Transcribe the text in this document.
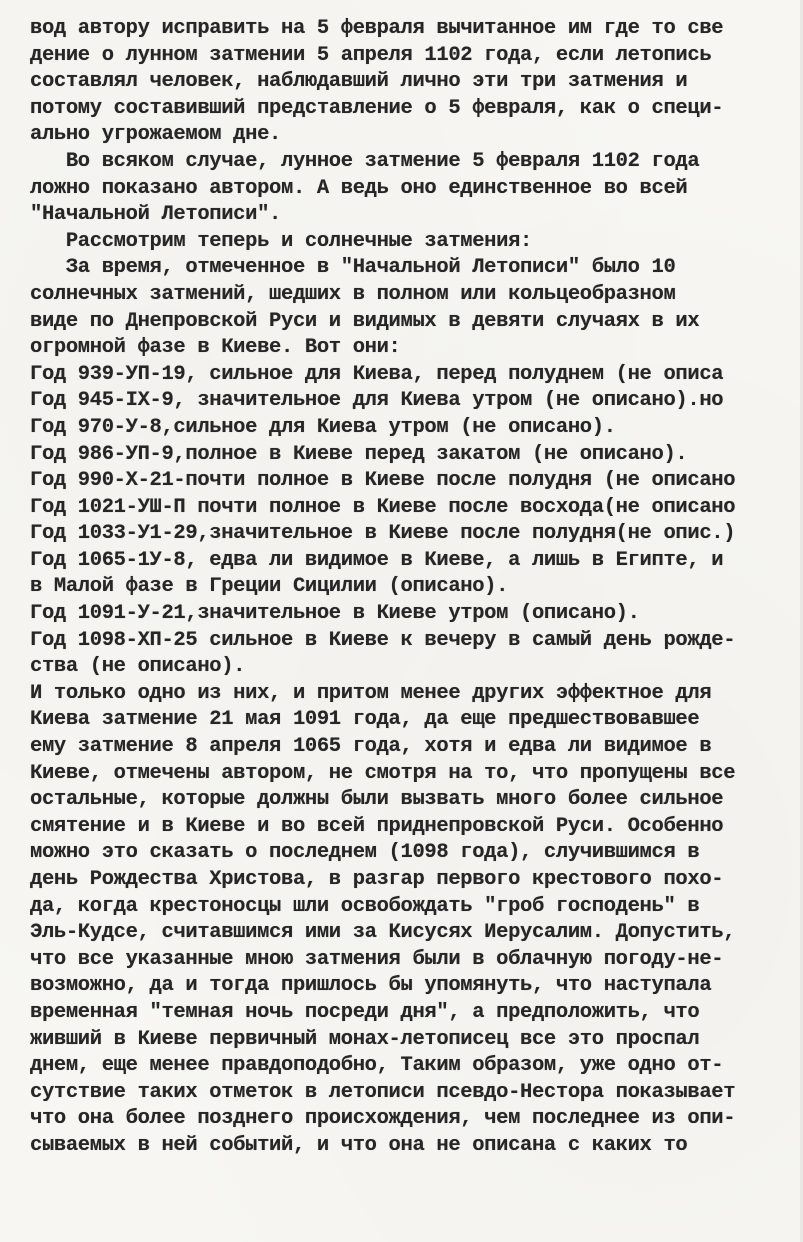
вод автору исправить на 5 февраля вычитанное им где то све
дение о лунном затмении 5 апреля 1102 года, если летопись
составлял человек, наблюдавший лично эти три затмения и
потому составивший представление о 5 февраля, как о специ-
ально угрожаемом дне.
Во всяком случае, лунное затмение 5 февраля 1102 года
ложно показано автором. А ведь оно единственное во всей
"Начальной Летописи".
Рассмотрим теперь и солнечные затмения:
За время, отмеченное в "Начальной Летописи" было 10
солнечных затмений, шедших в полном или кольцеобразном
виде по Днепровской Руси и видимых в девяти случаях в их
огромной фазе в Киеве. Вот они:
Год 939-УП-19, сильное для Киева, перед полуднем (не описа
Год 945-IX-9, значительное для Киева утром (не описано).но
Год 970-У-8,сильное для Киева утром (не описано).
Год 986-УП-9,полное в Киеве перед закатом (не описано).
Год 990-Х-21-почти полное в Киеве после полудня (не описано
Год 1021-УШ-П почти полное в Киеве после восхода(не описано
Год 1033-У1-29,значительное в Киеве после полудня(не опис.)
Год 1065-1У-8, едва ли видимое в Киеве, а лишь в Египте, и
в Малой фазе в Греции Сицилии (описано).
Год 1091-У-21,значительное в Киеве утром (описано).
Год 1098-ХП-25 сильное в Киеве к вечеру в самый день рожде-
ства (не описано).
И только одно из них, и притом менее других эффектное для
Киева затмение 21 мая 1091 года, да еще предшествовавшее
ему затмение 8 апреля 1065 года, хотя и едва ли видимое в
Киеве, отмечены автором, не смотря на то, что пропущены все
остальные, которые должны были вызвать много более сильное
смятение и в Киеве и во всей приднепровской Руси. Особенно
можно это сказать о последнем (1098 года), случившимся в
день Рождества Христова, в разгар первого крестового похо-
да, когда крестоносцы шли освобождать "гроб господень" в
Эль-Кудсе, считавшимся ими за Кисусях Иерусалим. Допустить,
что все указанные мною затмения были в облачную погоду-не-
возможно, да и тогда пришлось бы упомянуть, что наступала
временная "темная ночь посреди дня", а предположить, что
живший в Киеве первичный монах-летописец все это проспал
днем, еще менее правдоподобно, Таким образом, уже одно от-
сутствие таких отметок в летописи псевдо-Нестора показывает
что она более позднего происхождения, чем последнее из опи-
сываемых в ней событий, и что она не описана с каких то
